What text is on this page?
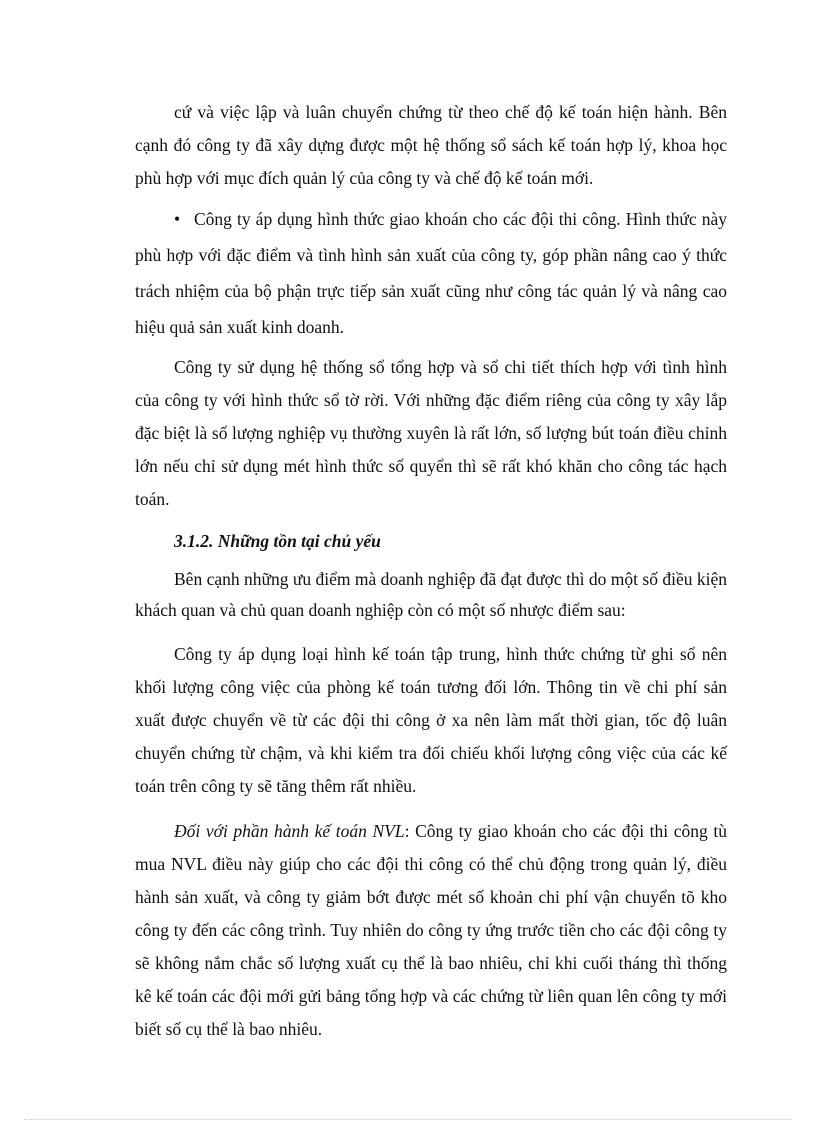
cứ và việc lập và luân chuyển chứng từ theo chế độ kế toán hiện hành. Bên cạnh đó công ty đã xây dựng được một hệ thống sổ sách kế toán hợp lý, khoa học phù hợp với mục đích quản lý của công ty và chế độ kế toán mới.

• Công ty áp dụng hình thức giao khoán cho các đội thi công. Hình thức này phù hợp với đặc điểm và tình hình sản xuất của công ty, góp phần nâng cao ý thức trách nhiệm của bộ phận trực tiếp sản xuất cũng như công tác quản lý và nâng cao hiệu quả sản xuất kinh doanh.

Công ty sử dụng hệ thống sổ tổng hợp và sổ chi tiết thích hợp với tình hình của công ty với hình thức sổ tờ rời. Với những đặc điểm riêng của công ty xây lắp đặc biệt là số lượng nghiệp vụ thường xuyên là rất lớn, số lượng bút toán điều chỉnh lớn nếu chỉ sử dụng mét hình thức sổ quyển thì sẽ rất khó khăn cho công tác hạch toán.

3.1.2. Những tồn tại chủ yếu

Bên cạnh những ưu điểm mà doanh nghiệp đã đạt được thì do một số điều kiện khách quan và chủ quan doanh nghiệp còn có một số nhược điểm sau:

Công ty áp dụng loại hình kế toán tập trung, hình thức chứng từ ghi sổ nên khối lượng công việc của phòng kế toán tương đối lớn. Thông tin về chi phí sản xuất được chuyển về từ các đội thi công ở xa nên làm mất thời gian, tốc độ luân chuyển chứng từ chậm, và khi kiểm tra đối chiếu khối lượng công việc của các kế toán trên công ty sẽ tăng thêm rất nhiều.

Đối với phần hành kế toán NVL: Công ty giao khoán cho các đội thi công tù mua NVL điều này giúp cho các đội thi công có thể chủ động trong quản lý, điều hành sản xuất, và công ty giảm bớt được mét số khoản chi phí vận chuyển tõ kho công ty đến các công trình. Tuy nhiên do công ty ứng trước tiền cho các đội công ty sẽ không nắm chắc số lượng xuất cụ thể là bao nhiêu, chỉ khi cuối tháng thì thống kê kế toán các đội mới gửi bảng tổng hợp và các chứng từ liên quan lên công ty mới biết số cụ thể là bao nhiêu.
